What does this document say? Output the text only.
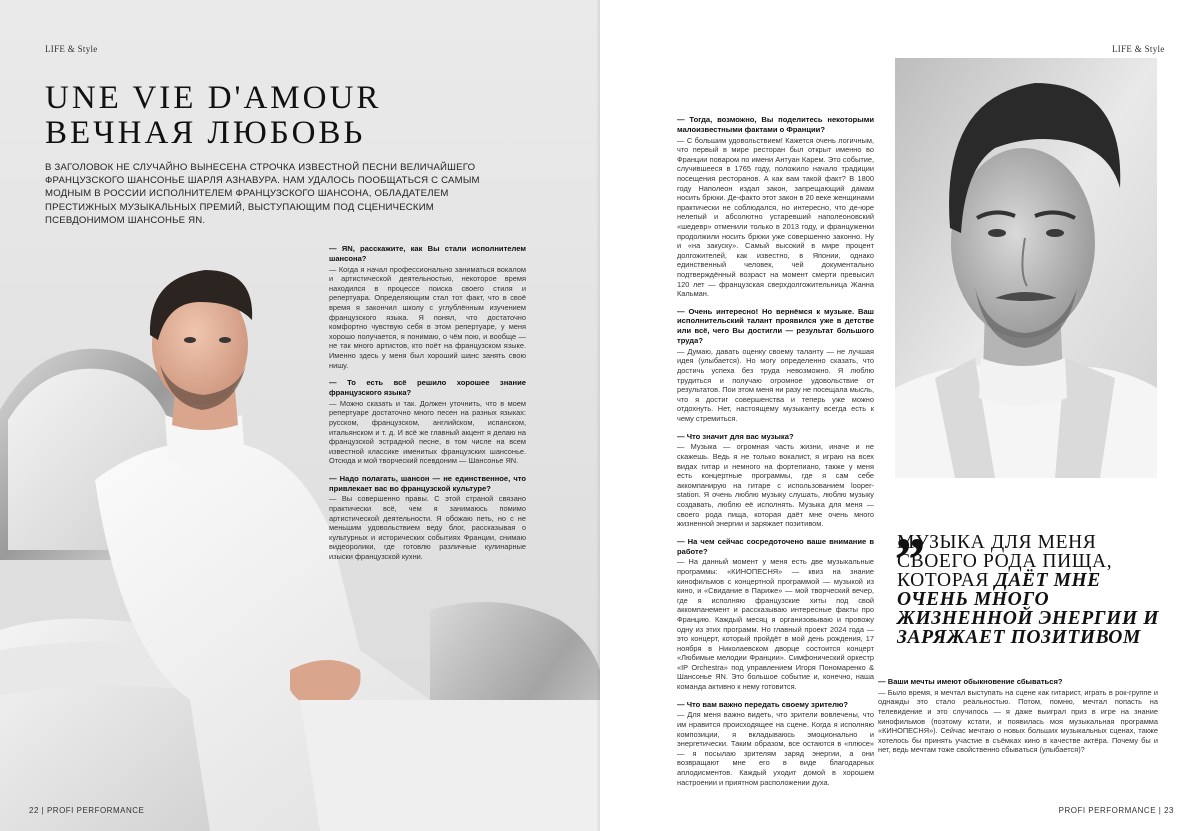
LIFE & Style
UNE VIE D'AMOUR
ВЕЧНАЯ ЛЮБОВЬ

В ЗАГОЛОВОК НЕ СЛУЧАЙНО ВЫНЕСЕНА СТРОЧКА ИЗВЕСТНОЙ ПЕСНИ ВЕЛИЧАЙШЕГО ФРАНЦУЗСКОГО ШАНСОНЬЕ ШАРЛЯ АЗНАВУРА. НАМ УДАЛОСЬ ПООБЩАТЬСЯ С САМЫМ МОДНЫМ В РОССИИ ИСПОЛНИТЕЛЕМ ФРАНЦУЗСКОГО ШАНСОНА, ОБЛАДАТЕЛЕМ ПРЕСТИЖНЫХ МУЗЫКАЛЬНЫХ ПРЕМИЙ, ВЫСТУПАЮЩИМ ПОД СЦЕНИЧЕСКИМ ПСЕВДОНИМОМ ШАНСОНЬЕ ЯN.

— ЯN, расскажите, как Вы стали исполнителем шансона?
— Когда я начал профессионально заниматься вокалом и артистической деятельностью, некоторое время находился в процессе поиска своего стиля и репертуара. Определяющим стал тот факт, что в своё время я закончил школу с углублённым изучением французского языка. Я понял, что достаточно комфортно чувствую себя в этом репертуаре, у меня хорошо получается, я понимаю, о чём пою, и вообще — не так много артистов, кто поёт на французском языке. Именно здесь у меня был хороший шанс занять свою нишу.
— То есть всё решило хорошее знание французского языка?
— Можно сказать и так. Должен уточнить, что в моем репертуаре достаточно много песен на разных языках: русском, французском, английском, испанском, итальянском и т. д. И всё же главный акцент я делаю на французской эстрадной песне, в том числе на всем известной классике именитых французских шансонье. Отсюда и мой творческий псевдоним — Шансонье ЯN.
— Надо полагать, шансон — не единственное, что привлекает вас во французской культуре?
— Вы совершенно правы. С этой страной связано практически всё, чем я занимаюсь помимо артистической деятельности. Я обожаю петь, но с не меньшим удовольствием веду блог, рассказывая о культурных и исторических событиях Франции, снимаю видеоролики, где готовлю различные кулинарные изыски французской кухни.
22 | PROFI PERFORMANCE
LIFE & Style
— Тогда, возможно, Вы поделитесь некоторыми малоизвестными фактами о Франции?
— С большим удовольствием! Кажется очень логичным, что первый в мире ресторан был открыт именно во Франции поваром по имени Антуан Карем. Это событие, случившееся в 1765 году, положило начало традиции посещения ресторанов. А как вам такой факт? В 1800 году Наполеон издал закон, запрещающий дамам носить брюки. Де-факто этот закон в 20 веке женщинами практически не соблюдался, но интересно, что де-юре нелепый и абсолютно устаревший наполеоновский «шедевр» отменили только в 2013 году, и француженки продолжили носить брюки уже совершенно законно. Ну и «на закуску». Самый высокий в мире процент долгожителей, как известно, в Японии, однако единственный человек, чей документально подтверждённый возраст на момент смерти превысил 120 лет — французская сверхдолгожительница Жанна Кальман.
— Очень интересно! Но вернёмся к музыке. Ваш исполнительский талант проявился уже в детстве или всё, чего Вы достигли — результат большого труда?
— Думаю, давать оценку своему таланту — не лучшая идея (улыбается). Но могу определенно сказать, что достичь успеха без труда невозможно. Я люблю трудиться и получаю огромное удовольствие от результатов. Пои этом меня ни разу не посещала мысль, что я достиг совершенства и теперь уже можно отдохнуть. Нет, настоящему музыканту всегда есть к чему стремиться.
— Что значит для вас музыка?
— Музыка — огромная часть жизни, иначе и не скажешь. Ведь я не только вокалист, я играю на всех видах гитар и немного на фортепиано, также у меня есть концертные программы, где я сам себе аккомпанирую на гитаре с использованием looper-station. Я очень люблю музыку слушать, люблю музыку создавать, люблю её исполнять. Музыка для меня — своего рода пища, которая даёт мне очень много жизненной энергии и заряжает позитивом.
— На чем сейчас сосредоточено ваше внимание в работе?
— На данный момент у меня есть две музыкальные программы: «КИНОПЕСНЯ» — квиз на знание кинофильмов с концертной программой — музыкой из кино, и «Свидание в Париже» — мой творческий вечер, где я исполняю французские хиты под свой аккомпанемент и рассказываю интересные факты про Францию. Каждый месяц я организовываю и провожу одну из этих программ. Но главный проект 2024 года — это концерт, который пройдёт в мой день рождения, 17 ноября в Николаевском дворце состоится концерт «Любимые мелодии Франции». Симфонический оркестр «IP Orchestra» под управлением Игоря Пономаренко & Шансонье ЯN. Это большое событие и, конечно, наша команда активно к нему готовится.
— Что вам важно передать своему зрителю?
— Для меня важно видеть, что зрители вовлечены, что им нравится происходящее на сцене. Когда я исполняю композиции, я вкладываюсь эмоционально и энергетически. Таким образом, все остаются в «плюсе» — я посылаю зрителям заряд энергии, а они возвращают мне его в виде благодарных аплодисментов. Каждый уходит домой в хорошем настроении и приятном расположении духа.
„
МУЗЫКА ДЛЯ МЕНЯ СВОЕГО РОДА ПИЩА, КОТОРАЯ ДАЁТ МНЕ ОЧЕНЬ МНОГО ЖИЗНЕННОЙ ЭНЕРГИИ И ЗАРЯЖАЕТ ПОЗИТИВОМ
— Ваши мечты имеют обыкновение сбываться?
— Было время, я мечтал выступать на сцене как гитарист, играть в рок-группе и однажды это стало реальностью. Потом, помню, мечтал попасть на телевидение и это случилось — я даже выиграл приз в игре на знание кинофильмов (поэтому кстати, и появилась моя музыкальная программа «КИНОПЕСНЯ»). Сейчас мечтаю о новых больших музыкальных сценах, также хотелось бы принять участие в съёмках кино в качестве актёра. Почему бы и нет, ведь мечтам тоже свойственно сбываться (улыбается)?
PROFI PERFORMANCE | 23
